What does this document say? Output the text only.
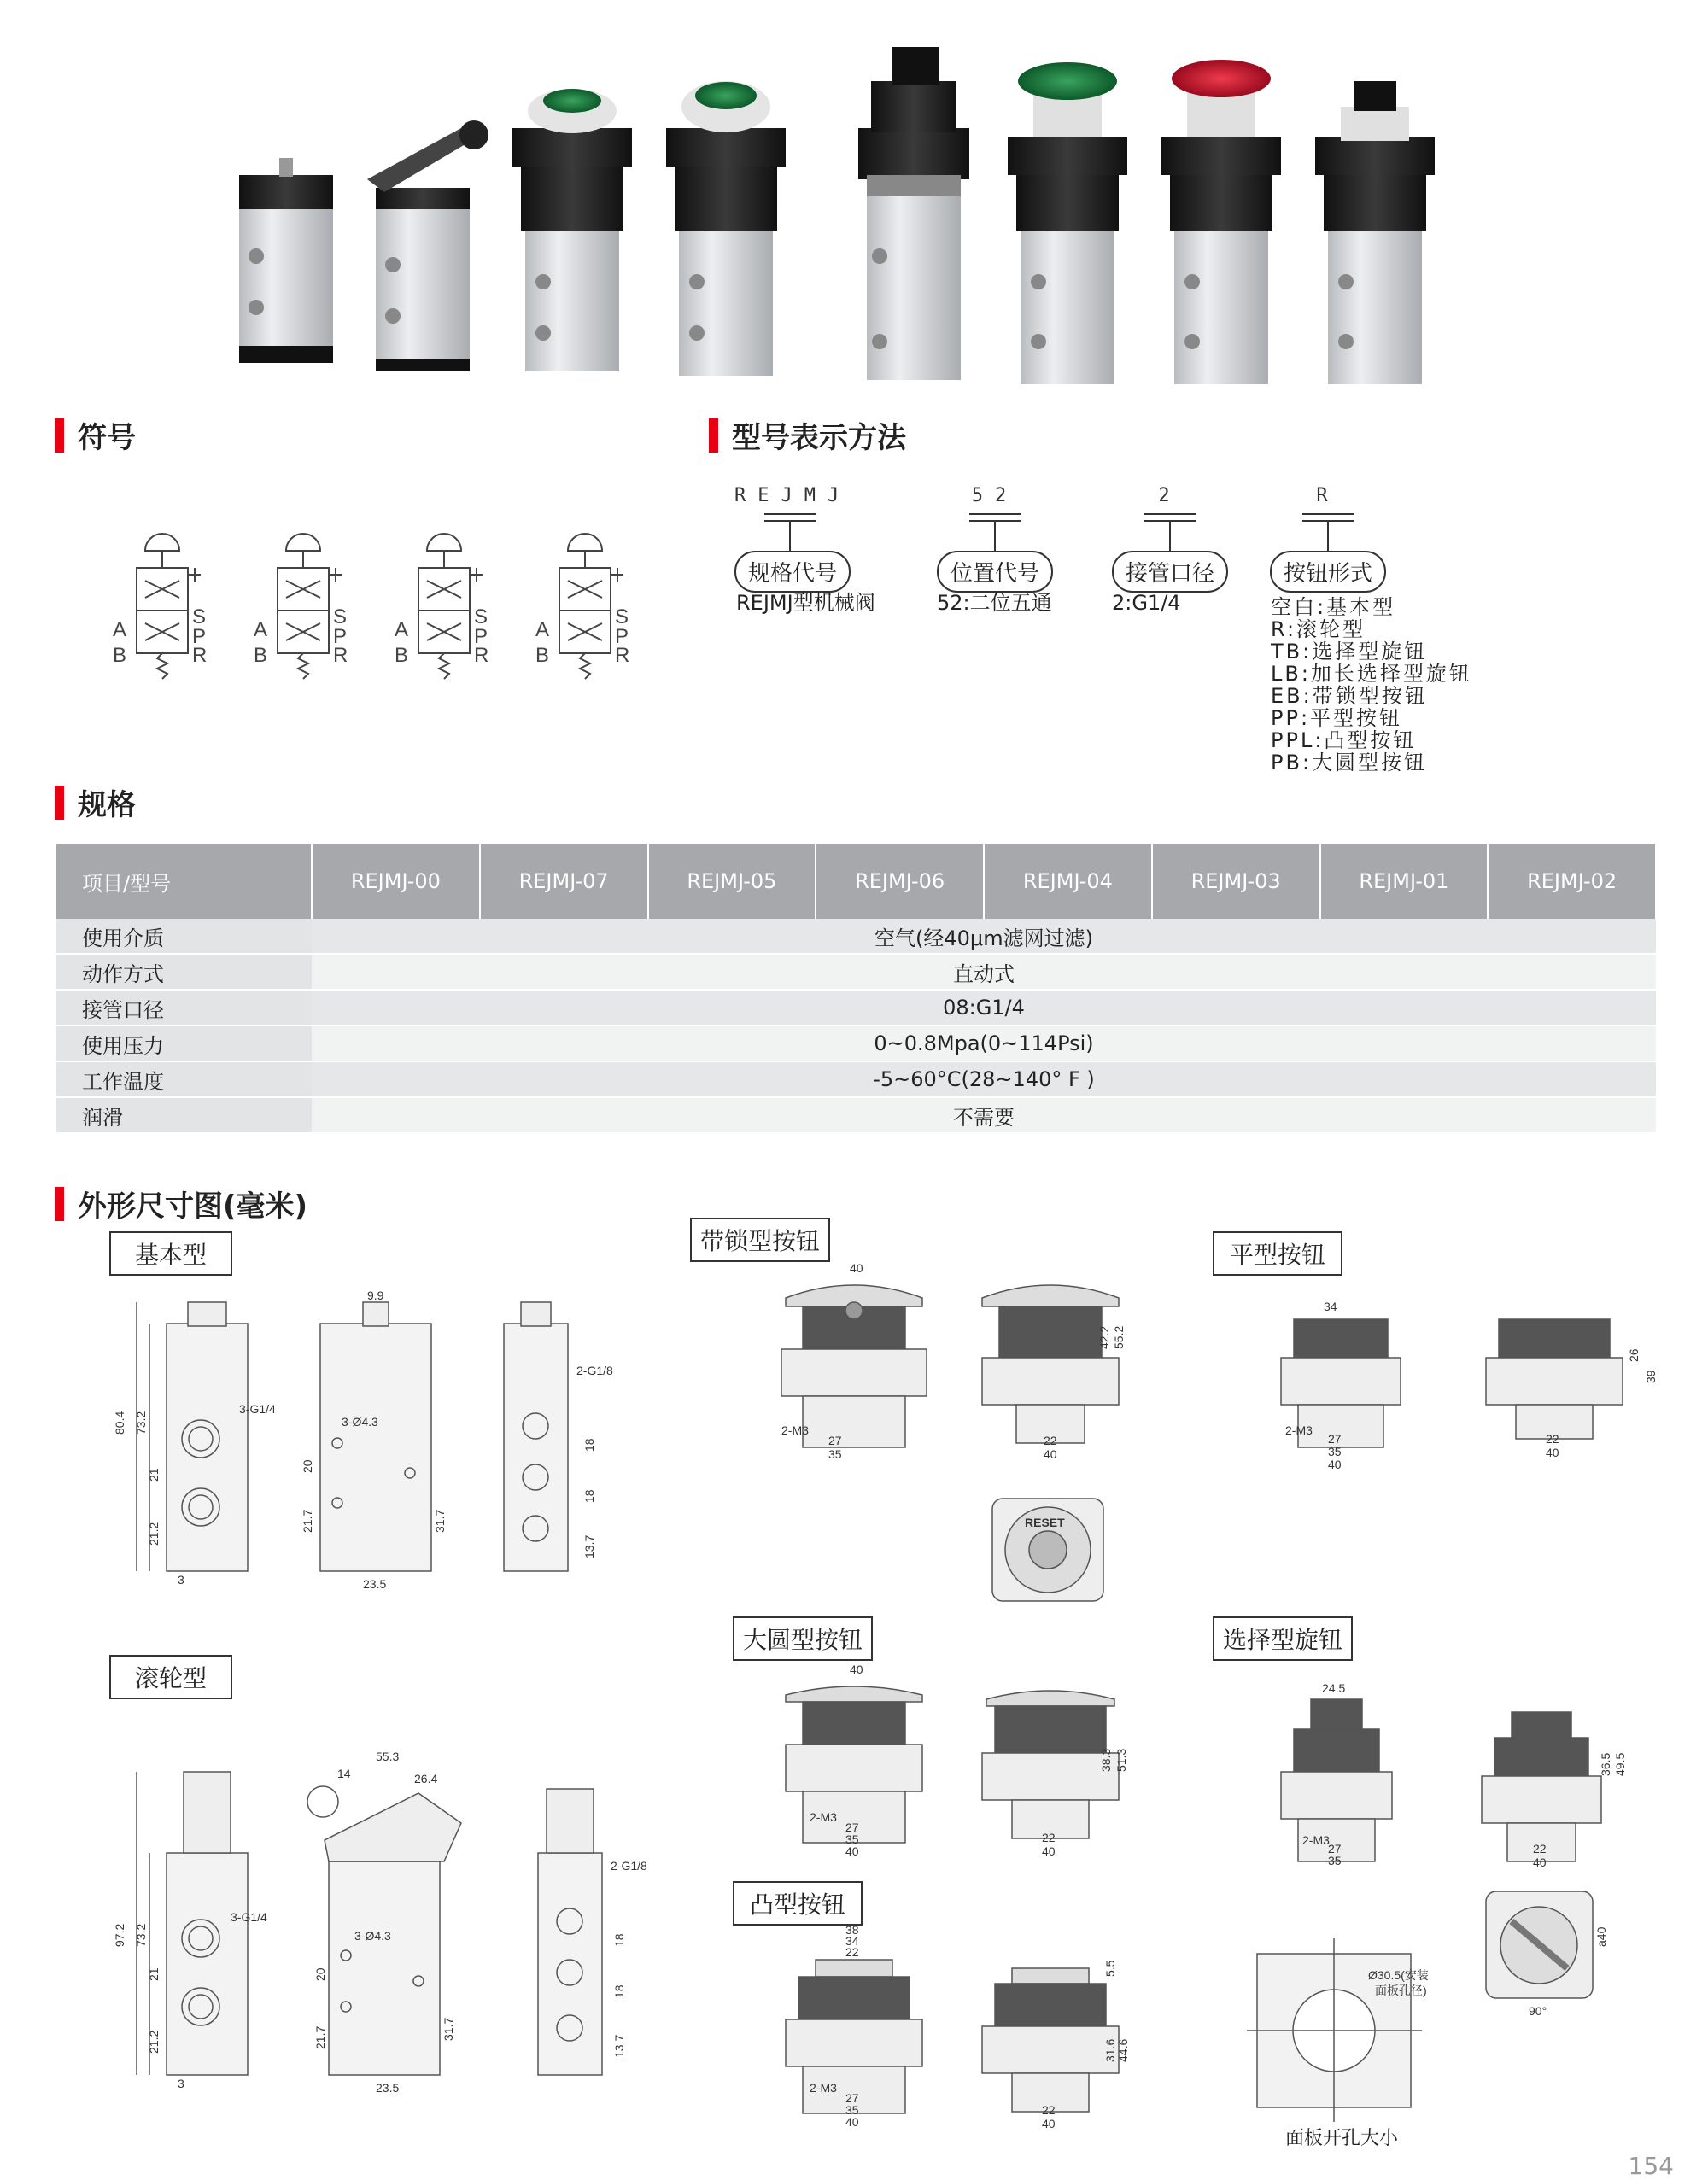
符号
A
B
S
P
R
A
B
S
P
R
A
B
S
P
R
A
B
S
P
R
型号表示方法
REJMJ
规格代号
REJMJ型机械阀
52
位置代号
52:二位五通
2
接管口径
2:G1/4
R
按钮形式
空白:基本型
R:滚轮型
TB:选择型旋钮
LB:加长选择型旋钮
EB:带锁型按钮
PP:平型按钮
PPL:凸型按钮
PB:大圆型按钮
规格
项目/型号	REJMJ-00	REJMJ-07	REJMJ-05	REJMJ-06	REJMJ-04	REJMJ-03	REJMJ-01	REJMJ-02
使用介质	空气(经40μm滤网过滤)							
动作方式	直动式							
接管口径	08:G1/4							
使用压力	0~0.8Mpa(0~114Psi)							
工作温度	-5~60°C(28~140° F )							
润滑	不需要							
外形尺寸图(毫米)
基本型
滚轮型
带锁型按钮	平型按钮
大圆型按钮	选择型旋钮
凸型按钮
80.4 73.2
21
21.2
3-G1/4
3
9.9
3-Ø4.3
20
21.7	31.7
23.5
2-G1/8
18
18
13.7
97.2 73.2
21
21.2
3-G1/4
3
55.3
14	26.4
3-Ø4.3
20
21.7	31.7
23.5
2-G1/8
18
18
13.7
40
2-M3
27
35
42.2 55.2
22
40
RESET
34
2-M3
27
35
40
26
39
22
40
40
2-M3
27
35
40
38.3 51.3
22
40
38
34
22
2-M3
27
35
40
5.5
31.6 44.6
22
40
24.5
2-M3
27
35
36.5 49.5
22
40
a40
90°
Ø30.5(安装
面板孔径)
面板开孔大小
154
